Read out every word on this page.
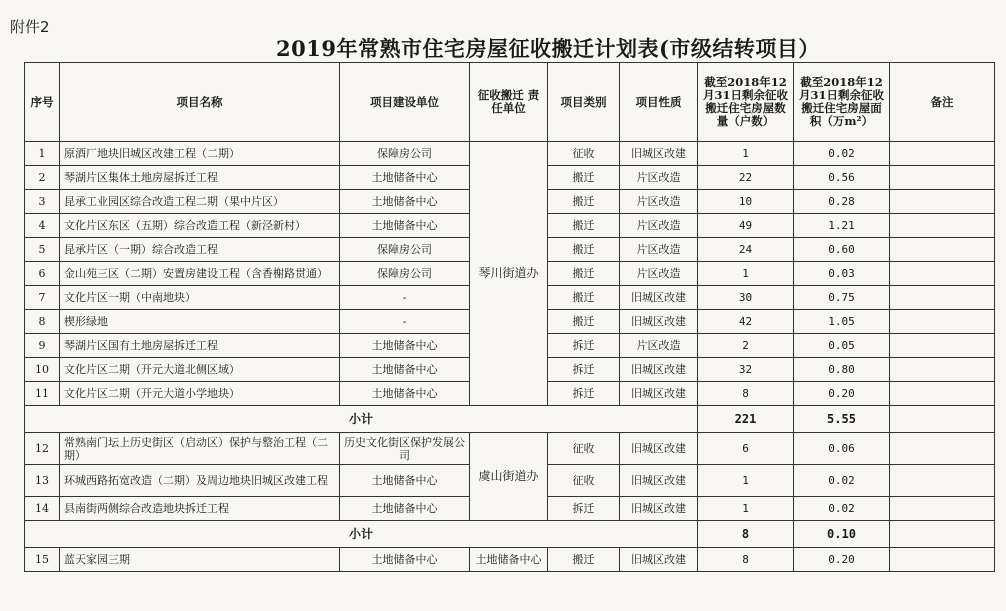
附件2
2019年常熟市住宅房屋征收搬迁计划表(市级结转项目）
序号	项目名称	项目建设单位	征收搬迁 责任单位	项目类别	项目性质	截至2018年12月31日剩余征收搬迁住宅房屋数量（户数）	截至2018年12月31日剩余征收搬迁住宅房屋面积（万m²）	备注
1	原酒厂地块旧城区改建工程（二期）	保障房公司	琴川街道办	征收	旧城区改建	1	0.02	
2	琴湖片区集体土地房屋拆迁工程	土地储备中心		搬迁	片区改造	22	0.56	
3	昆承工业园区综合改造工程二期（果中片区）	土地储备中心		搬迁	片区改造	10	0.28	
4	文化片区东区（五期）综合改造工程（新泾新村）	土地储备中心		搬迁	片区改造	49	1.21	
5	昆承片区（一期）综合改造工程	保障房公司		搬迁	片区改造	24	0.60	
6	金山苑三区（二期）安置房建设工程（含香榭路贯通）	保障房公司		搬迁	片区改造	1	0.03	
7	文化片区一期（中南地块）	-		搬迁	旧城区改建	30	0.75	
8	楔形绿地	-		搬迁	旧城区改建	42	1.05	
9	琴湖片区国有土地房屋拆迁工程	土地储备中心		拆迁	片区改造	2	0.05	
10	文化片区二期（开元大道北侧区域）	土地储备中心		拆迁	旧城区改建	32	0.80	
11	文化片区二期（开元大道小学地块）	土地储备中心		拆迁	旧城区改建	8	0.20	
小计						221	5.55	
12	常熟南门坛上历史街区（启动区）保护与整治工程（二期）	历史文化街区保护发展公司	虞山街道办	征收	旧城区改建	6	0.06	
13	环城西路拓宽改造（二期）及周边地块旧城区改建工程	土地储备中心		征收	旧城区改建	1	0.02	
14	县南街两侧综合改造地块拆迁工程	土地储备中心		拆迁	旧城区改建	1	0.02	
小计						8	0.10	
15	蓝天家园三期	土地储备中心	土地储备中心	搬迁	旧城区改建	8	0.20	
